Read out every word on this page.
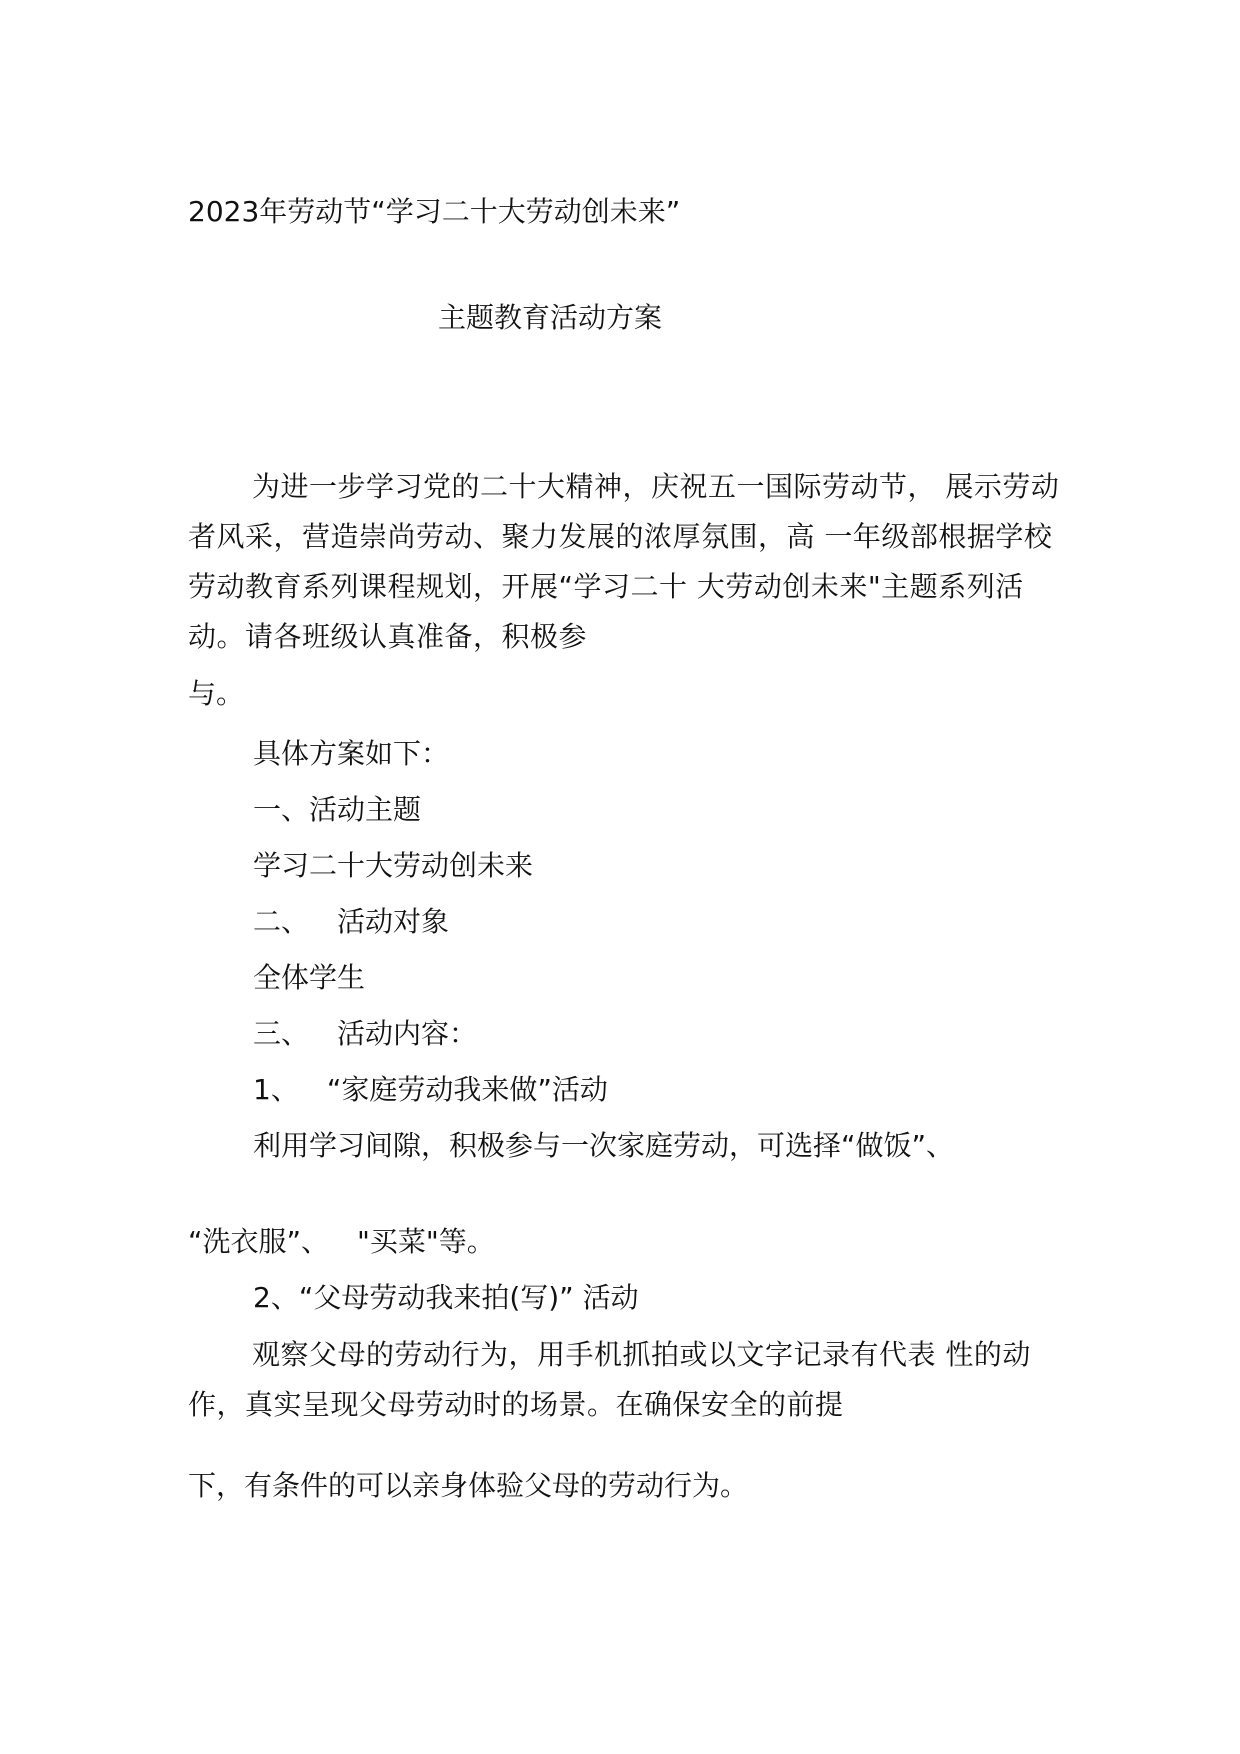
2023年劳动节“学习二十大劳动创未来”
主题教育活动方案
为进一步学习党的二十大精神，庆祝五一国际劳动节， 展示劳动者风采，营造崇尚劳动、聚力发展的浓厚氛围，高 一年级部根据学校劳动教育系列课程规划，开展“学习二十 大劳动创未来"主题系列活动。请各班级认真准备，积极参
与。
具体方案如下：
一、活动主题
学习二十大劳动创未来
二、 活动对象
全体学生
三、 活动内容：
1、 “家庭劳动我来做”活动
利用学习间隙，积极参与一次家庭劳动，可选择“做饭”、
“洗衣服”、 "买菜"等。
2、“父母劳动我来拍(写)” 活动
观察父母的劳动行为，用手机抓拍或以文字记录有代表 性的动作，真实呈现父母劳动时的场景。在确保安全的前提
下，有条件的可以亲身体验父母的劳动行为。
